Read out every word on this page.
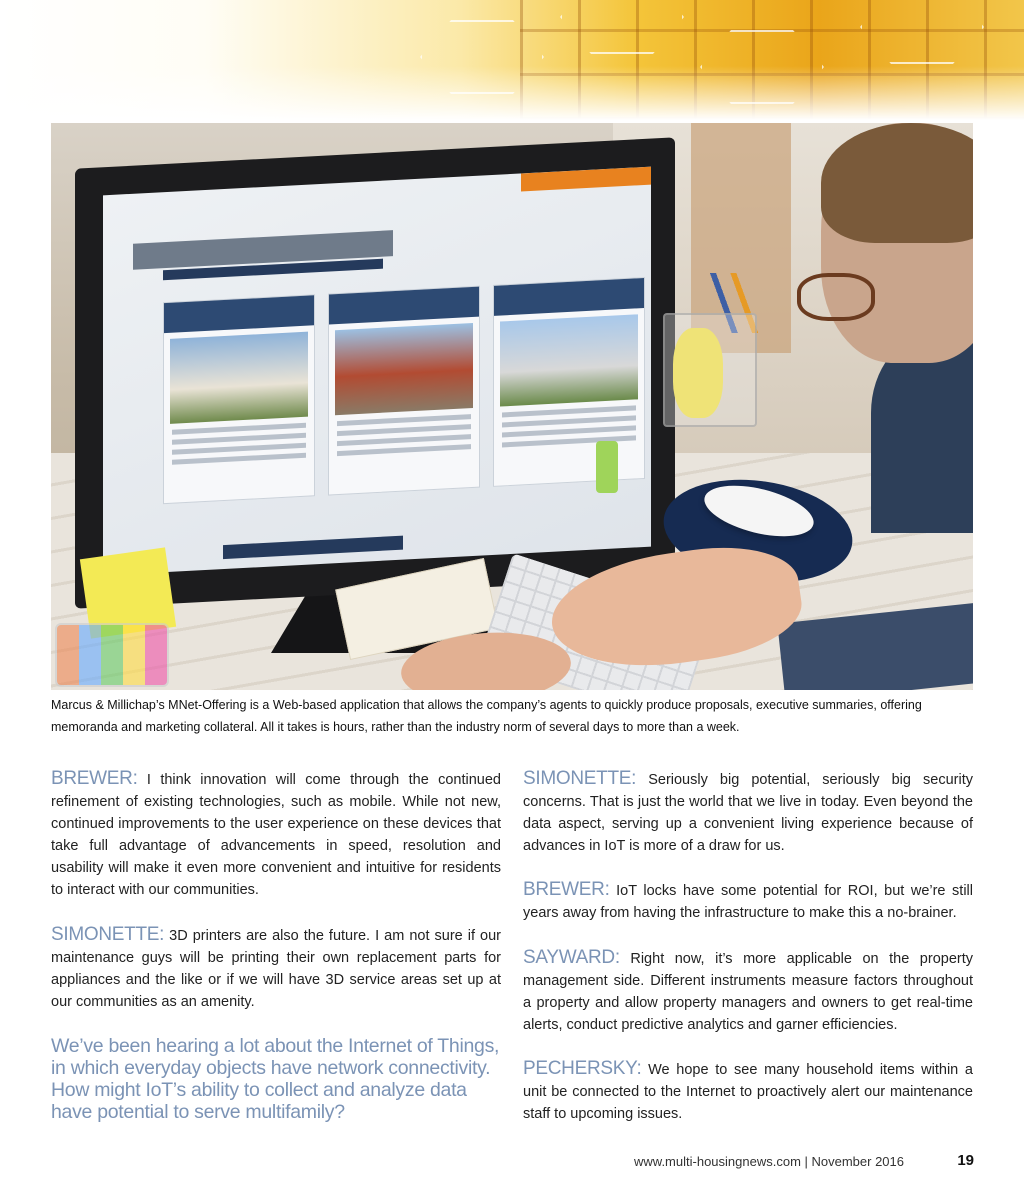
Marcus & Millichap’s MNet-Offering is a Web-based application that allows the company’s agents to quickly produce proposals, executive summaries, offering memoranda and marketing collateral. All it takes is hours, rather than the industry norm of several days to more than a week.

BREWER: I think innovation will come through the continued refinement of existing technologies, such as mobile. While not new, continued improvements to the user experience on these devices that take full advantage of advancements in speed, resolution and usability will make it even more convenient and intuitive for residents to interact with our communities.

SIMONETTE: 3D printers are also the future. I am not sure if our maintenance guys will be printing their own replacement parts for appliances and the like or if we will have 3D service areas set up at our communities as an amenity.

We’ve been hearing a lot about the Internet of Things, in which everyday objects have network connectivity. How might IoT’s ability to collect and analyze data have potential to serve multifamily?

SIMONETTE: Seriously big potential, seriously big security concerns. That is just the world that we live in today. Even beyond the data aspect, serving up a convenient living experience because of advances in IoT is more of a draw for us.

BREWER: IoT locks have some potential for ROI, but we’re still years away from having the infrastructure to make this a no-brainer.

SAYWARD: Right now, it’s more applicable on the property management side. Different instruments measure factors throughout a property and allow property managers and owners to get real-time alerts, conduct predictive analytics and garner efficiencies.

PECHERSKY: We hope to see many household items within a unit be connected to the Internet to proactively alert our maintenance staff to upcoming issues.

www.multi-housingnews.com | November 2016	19
